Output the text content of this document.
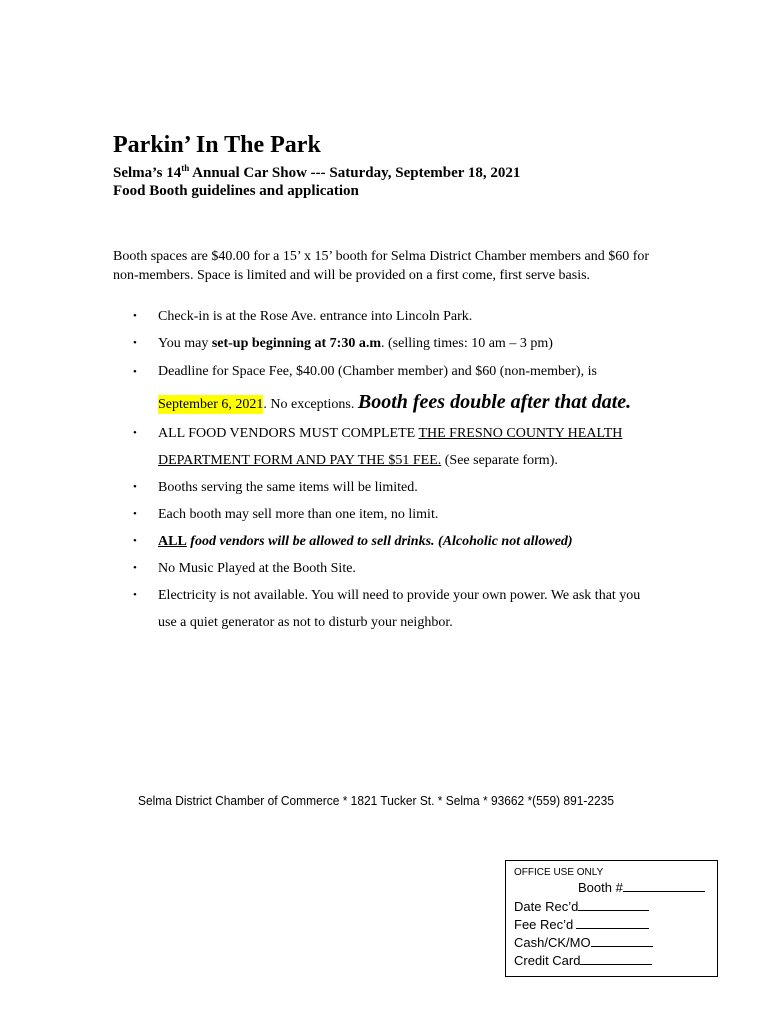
Parkin’ In The Park
Selma’s 14th Annual Car Show --- Saturday, September 18, 2021
Food Booth guidelines and application
Booth spaces are $40.00 for a 15’ x 15’ booth for Selma District Chamber members and $60 for non-members. Space is limited and will be provided on a first come, first serve basis.
• Check-in is at the Rose Ave. entrance into Lincoln Park.
• You may set-up beginning at 7:30 a.m. (selling times: 10 am – 3 pm)
• Deadline for Space Fee, $40.00 (Chamber member) and $60 (non-member), is
September 6, 2021. No exceptions. Booth fees double after that date.
• ALL FOOD VENDORS MUST COMPLETE THE FRESNO COUNTY HEALTH DEPARTMENT FORM AND PAY THE $51 FEE. (See separate form).
• Booths serving the same items will be limited.
• Each booth may sell more than one item, no limit.
• ALL food vendors will be allowed to sell drinks. (Alcoholic not allowed)
• No Music Played at the Booth Site.
• Electricity is not available. You will need to provide your own power. We ask that you use a quiet generator as not to disturb your neighbor.
Selma District Chamber of Commerce * 1821 Tucker St. * Selma * 93662 *(559) 891-2235
OFFICE USE ONLY
Booth #
Date Rec’d
Fee Rec’d
Cash/CK/MO
Credit Card
